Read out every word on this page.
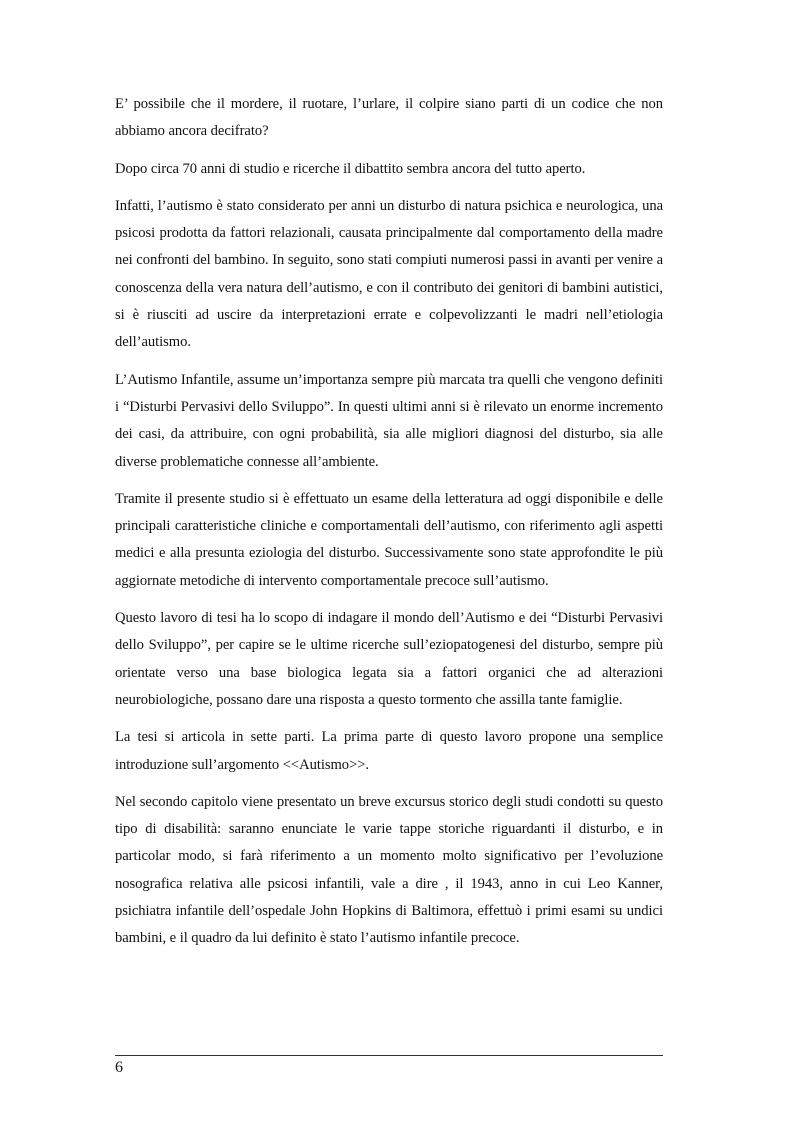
E’ possibile che il mordere, il ruotare, l’urlare, il colpire siano parti di un codice che non abbiamo ancora decifrato?

Dopo circa 70 anni di studio e ricerche il dibattito sembra ancora del tutto aperto.

Infatti, l’autismo è stato considerato per anni un disturbo di natura psichica e neurologica, una psicosi prodotta da fattori relazionali, causata principalmente dal comportamento della madre nei confronti del bambino. In seguito, sono stati compiuti numerosi passi in avanti per venire a conoscenza della vera natura dell’autismo, e con il contributo dei genitori di bambini autistici, si è riusciti ad uscire da interpretazioni errate e colpevolizzanti le madri nell’etiologia dell’autismo.

L’Autismo Infantile, assume un’importanza sempre più marcata tra quelli che vengono definiti i “Disturbi Pervasivi dello Sviluppo”. In questi ultimi anni si è rilevato un enorme incremento dei casi, da attribuire, con ogni probabilità, sia alle migliori diagnosi del disturbo, sia alle diverse problematiche connesse all’ambiente.

Tramite il presente studio si è effettuato un esame della letteratura ad oggi disponibile e delle principali caratteristiche cliniche e comportamentali dell’autismo, con riferimento agli aspetti medici e alla presunta eziologia del disturbo. Successivamente sono state approfondite le più aggiornate metodiche di intervento comportamentale precoce sull’autismo.

Questo lavoro di tesi ha lo scopo di indagare il mondo dell’Autismo e dei “Disturbi Pervasivi dello Sviluppo”, per capire se le ultime ricerche sull’eziopatogenesi del disturbo, sempre più orientate verso una base biologica legata sia a fattori organici che ad alterazioni neurobiologiche, possano dare una risposta a questo tormento che assilla tante famiglie.

La tesi si articola in sette parti. La prima parte di questo lavoro propone una semplice introduzione sull’argomento <<Autismo>>.

Nel secondo capitolo viene presentato un breve excursus storico degli studi condotti su questo tipo di disabilità: saranno enunciate le varie tappe storiche riguardanti il disturbo, e in particolar modo, si farà riferimento a un momento molto significativo per l’evoluzione nosografica relativa alle psicosi infantili, vale a dire , il 1943, anno in cui Leo Kanner, psichiatra infantile dell’ospedale John Hopkins di Baltimora, effettuò i primi esami su undici bambini, e il quadro da lui definito è stato l’autismo infantile precoce.

6
